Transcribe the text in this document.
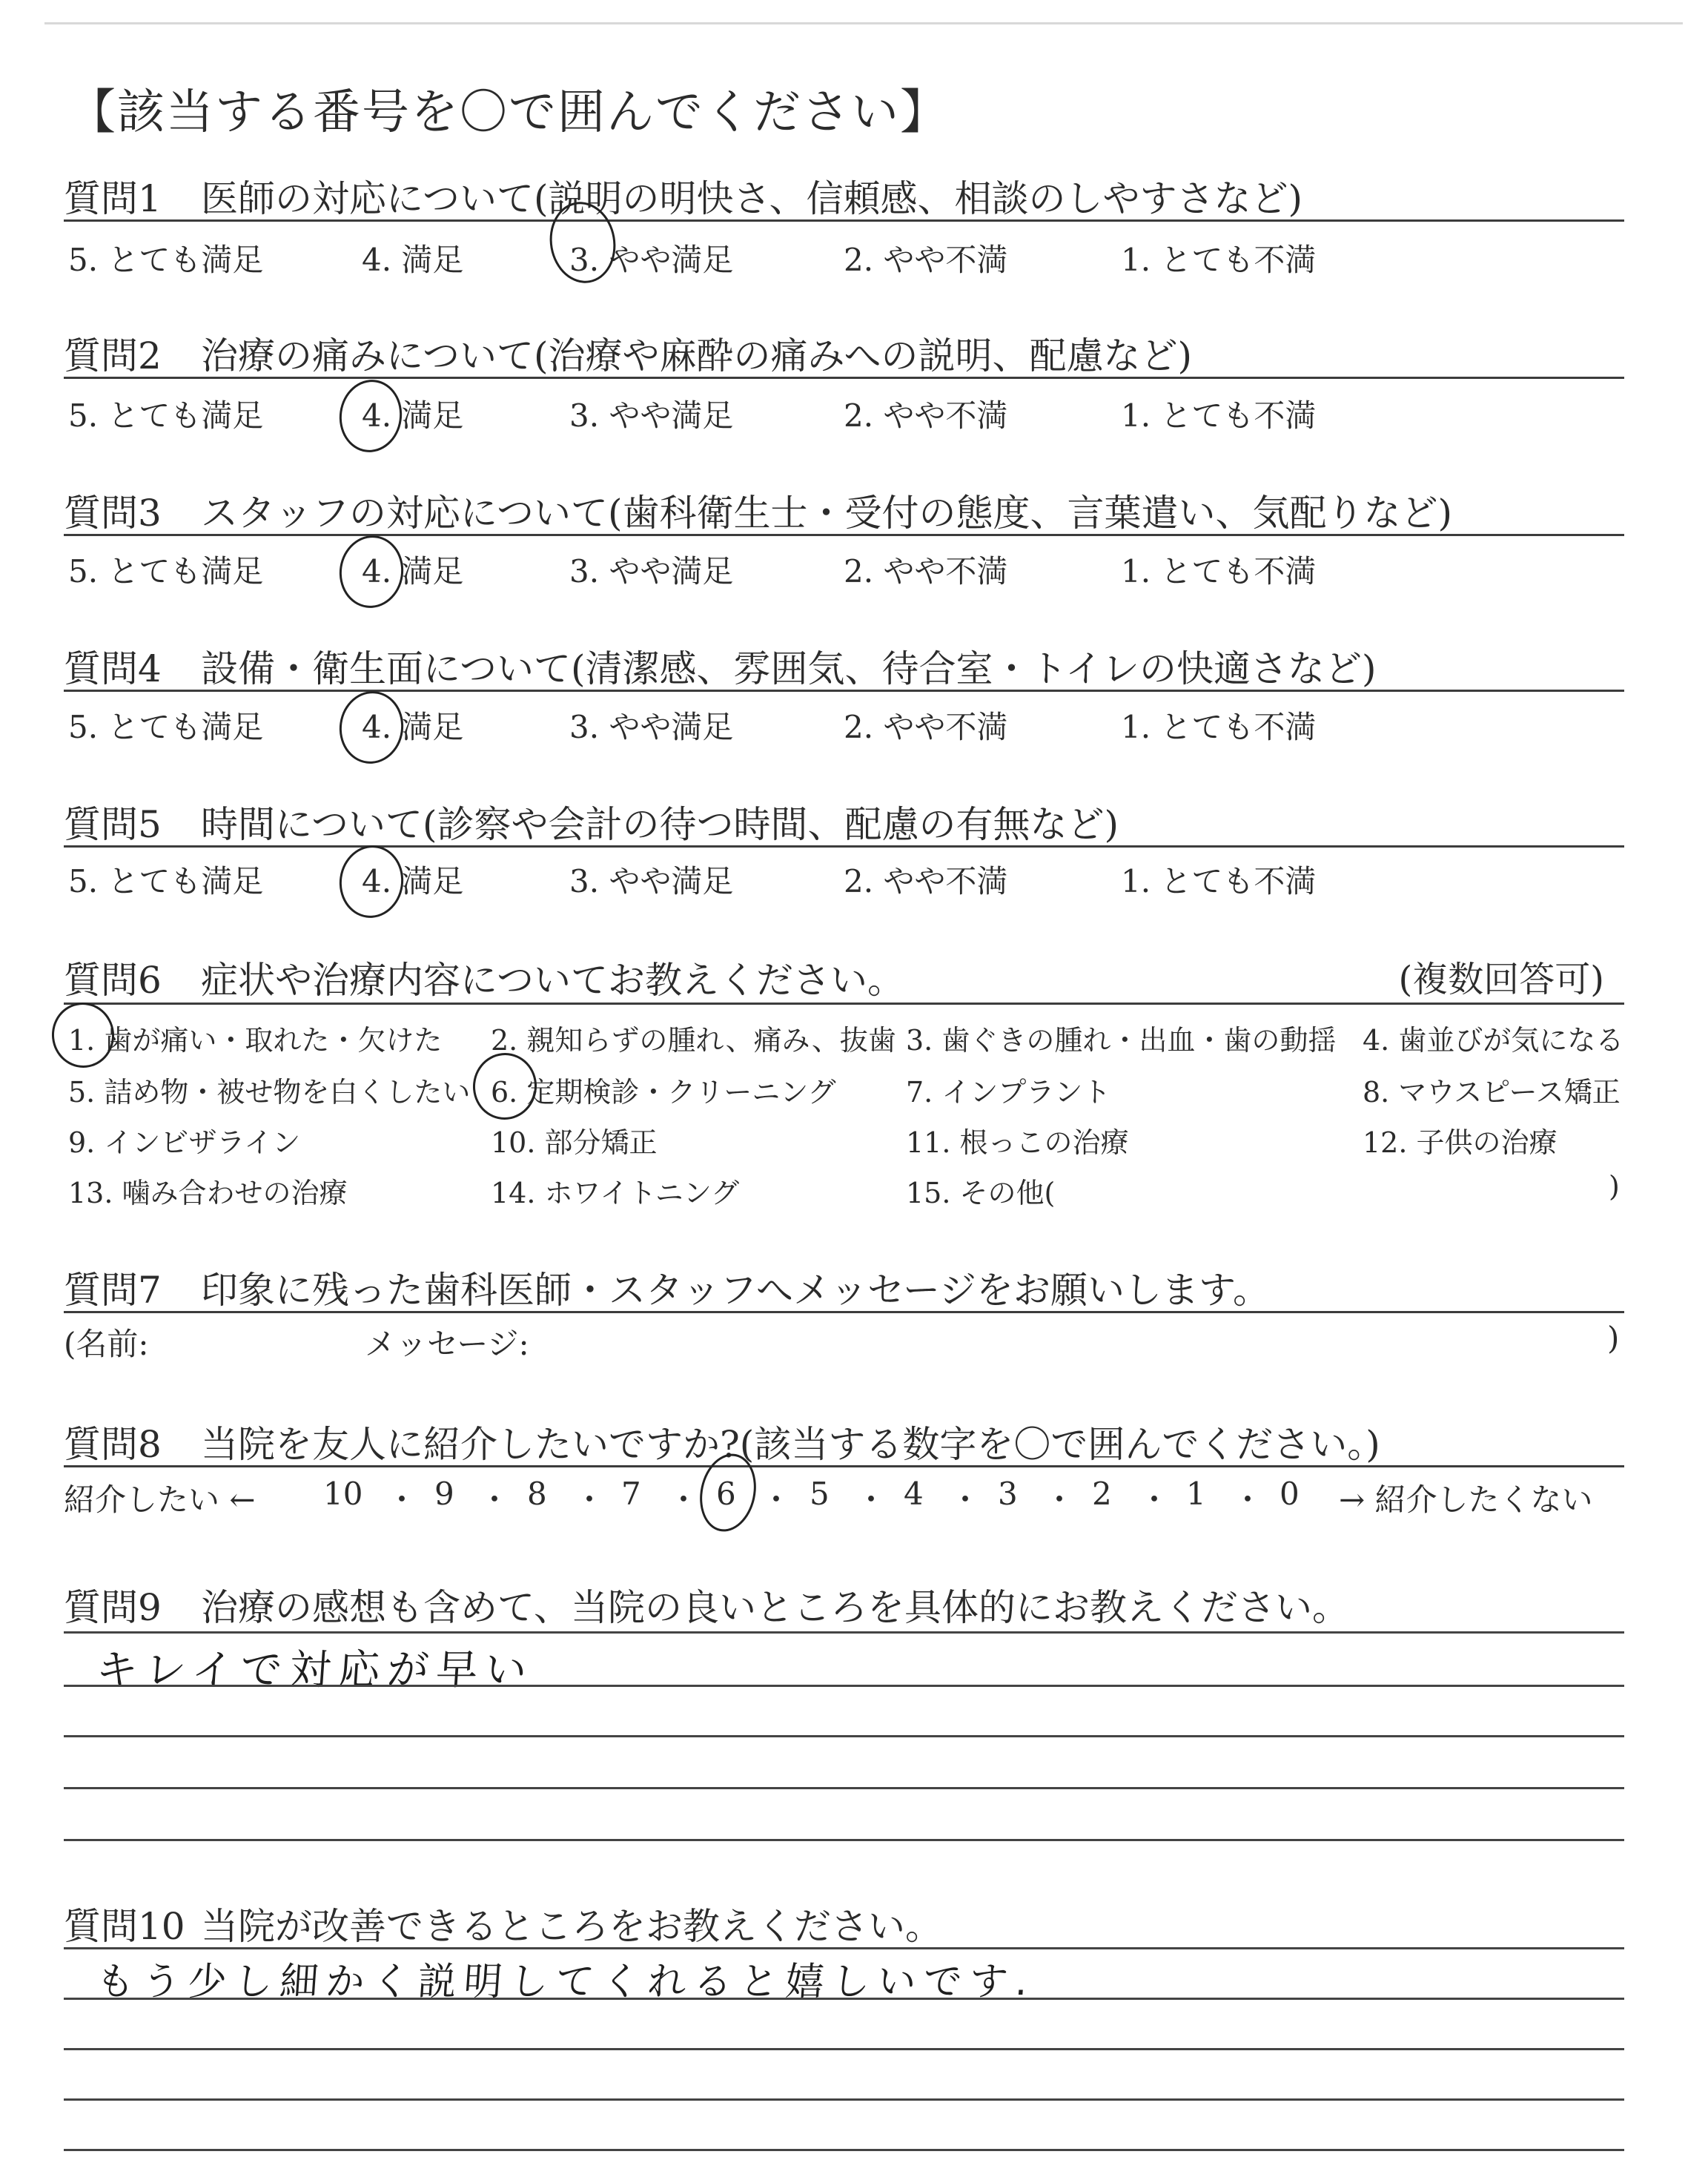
【該当する番号を〇で囲んでください】
質問1 医師の対応について(説明の明快さ、信頼感、相談のしやすさなど)
5. とても満足	4. 満足	3. やや満足	2. やや不満	1. とても不満
質問2 治療の痛みについて(治療や麻酔の痛みへの説明、配慮など)
5. とても満足	4. 満足	3. やや満足	2. やや不満	1. とても不満
質問3 スタッフの対応について(歯科衛生士・受付の態度、言葉遣い、気配りなど)
5. とても満足	4. 満足	3. やや満足	2. やや不満	1. とても不満
質問4 設備・衛生面について(清潔感、雰囲気、待合室・トイレの快適さなど)
5. とても満足	4. 満足	3. やや満足	2. やや不満	1. とても不満
質問5 時間について(診察や会計の待つ時間、配慮の有無など)
5. とても満足	4. 満足	3. やや満足	2. やや不満	1. とても不満
質問6 症状や治療内容についてお教えください。	(複数回答可)
1. 歯が痛い・取れた・欠けた 2. 親知らずの腫れ、痛み、抜歯 3. 歯ぐきの腫れ・出血・歯の動揺 4. 歯並びが気になる
5. 詰め物・被せ物を白くしたい 6. 定期検診・クリーニング 7. インプラント	8. マウスピース矯正
9. インビザライン	10. 部分矯正	11. 根っこの治療	12. 子供の治療
13. 噛み合わせの治療	14. ホワイトニング	15. その他(	)
質問7 印象に残った歯科医師・スタッフへメッセージをお願いします。
(名前:	メッセージ:	)
質問8 当院を友人に紹介したいですか?(該当する数字を〇で囲んでください。)
紹介したい ← 10 ・ 9 ・ 8 ・ 7 ・ 6 ・ 5 ・ 4 ・ 3 ・ 2 ・ 1 ・ 0 → 紹介したくない
質問9 治療の感想も含めて、当院の良いところを具体的にお教えください。
キレイで対応が早い
質問10 当院が改善できるところをお教えください。
もう少し細かく説明してくれると嬉しいです.
